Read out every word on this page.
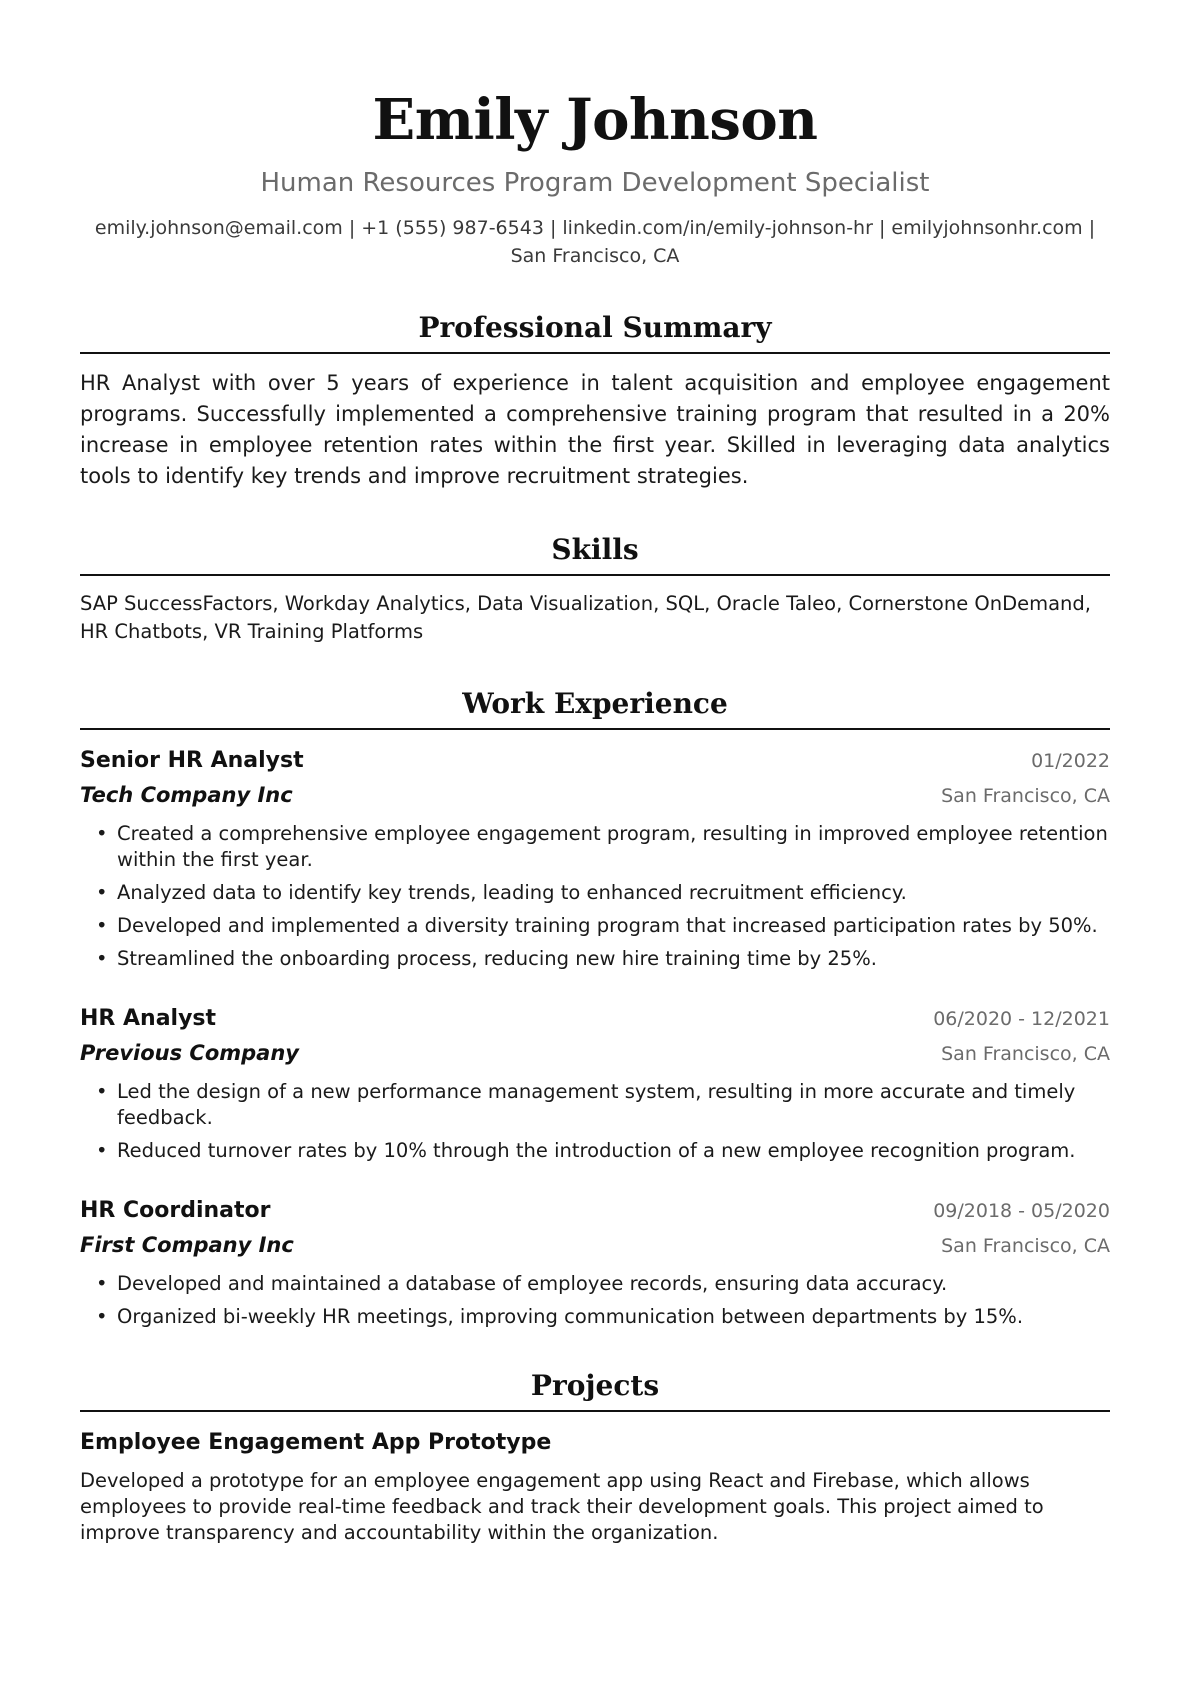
Emily Johnson
Human Resources Program Development Specialist
emily.johnson@email.com | +1 (555) 987-6543 | linkedin.com/in/emily-johnson-hr | emilyjohnsonhr.com | San Francisco, CA
Professional Summary
HR Analyst with over 5 years of experience in talent acquisition and employee engagement programs. Successfully implemented a comprehensive training program that resulted in a 20% increase in employee retention rates within the first year. Skilled in leveraging data analytics tools to identify key trends and improve recruitment strategies.
Skills
SAP SuccessFactors, Workday Analytics, Data Visualization, SQL, Oracle Taleo, Cornerstone OnDemand, HR Chatbots, VR Training Platforms
Work Experience
Senior HR Analyst	01/2022
Tech Company Inc	San Francisco, CA
• Created a comprehensive employee engagement program, resulting in improved employee retention within the first year.
• Analyzed data to identify key trends, leading to enhanced recruitment efficiency.
• Developed and implemented a diversity training program that increased participation rates by 50%.
• Streamlined the onboarding process, reducing new hire training time by 25%.
HR Analyst	06/2020 - 12/2021
Previous Company	San Francisco, CA
• Led the design of a new performance management system, resulting in more accurate and timely feedback.
• Reduced turnover rates by 10% through the introduction of a new employee recognition program.
HR Coordinator	09/2018 - 05/2020
First Company Inc	San Francisco, CA
• Developed and maintained a database of employee records, ensuring data accuracy.
• Organized bi-weekly HR meetings, improving communication between departments by 15%.
Projects
Employee Engagement App Prototype
Developed a prototype for an employee engagement app using React and Firebase, which allows employees to provide real-time feedback and track their development goals. This project aimed to improve transparency and accountability within the organization.
